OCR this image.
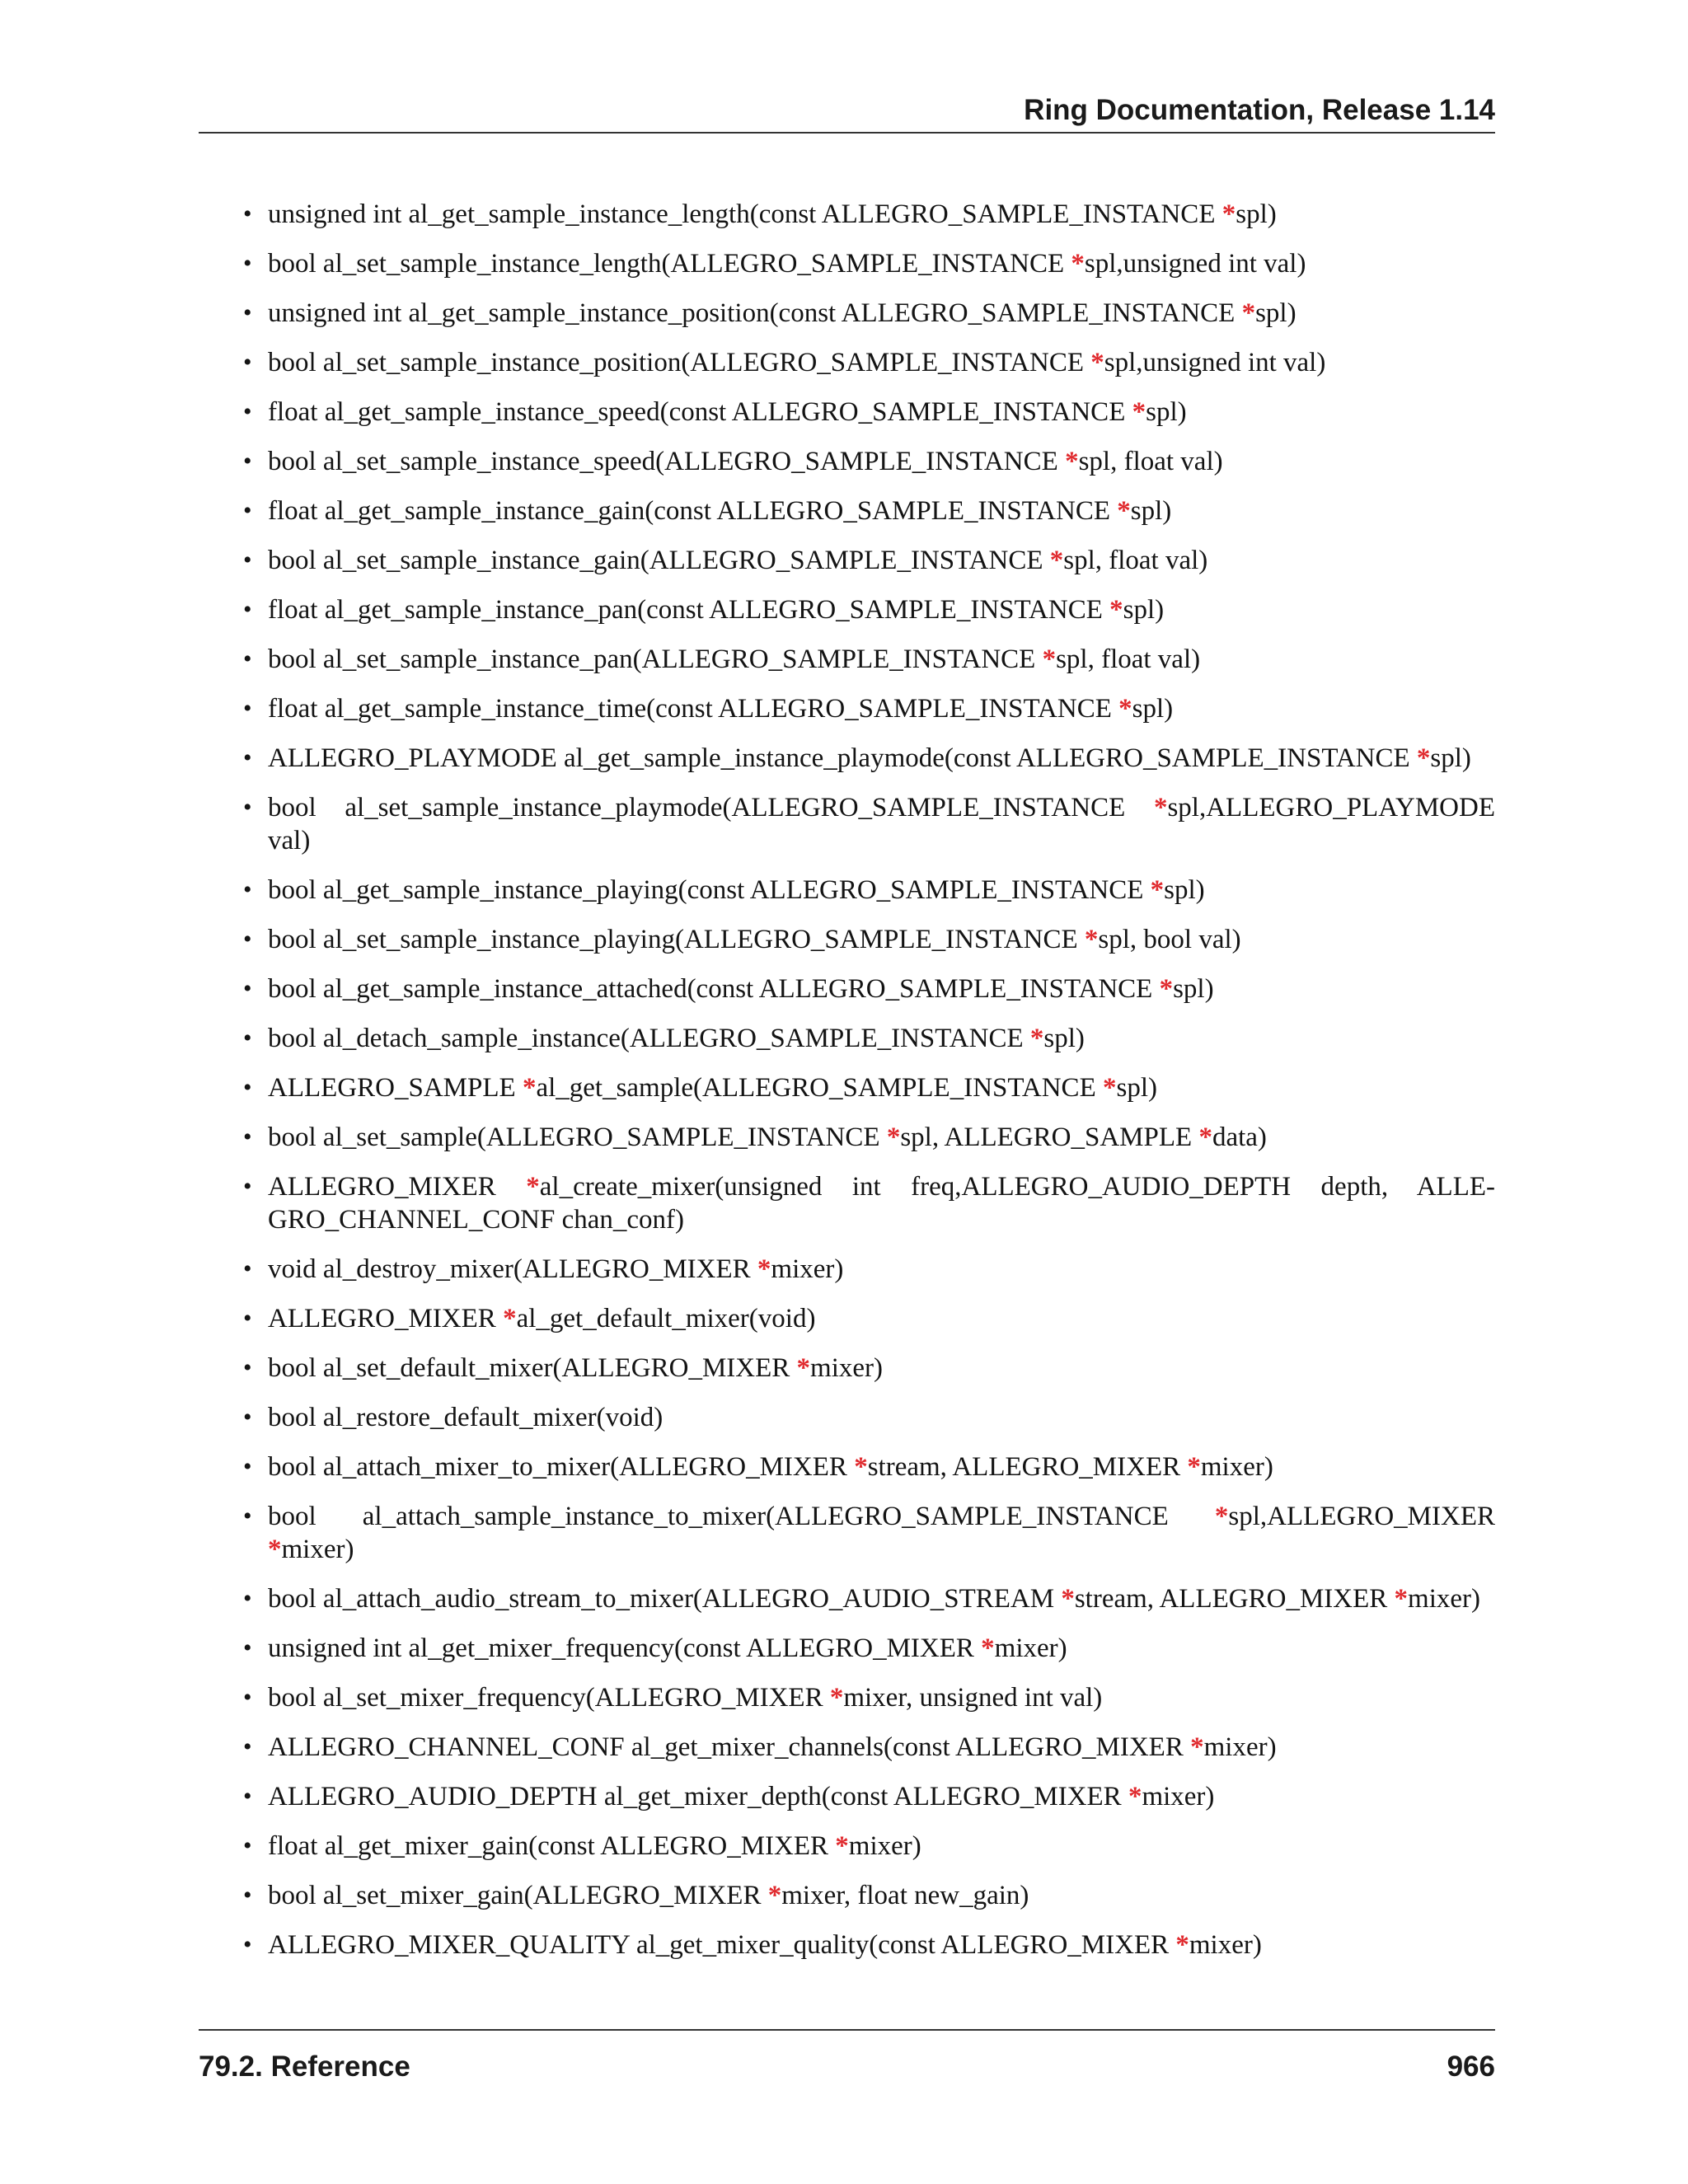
Ring Documentation, Release 1.14
• unsigned int al_get_sample_instance_length(const ALLEGRO_SAMPLE_INSTANCE *spl)
• bool al_set_sample_instance_length(ALLEGRO_SAMPLE_INSTANCE *spl,unsigned int val)
• unsigned int al_get_sample_instance_position(const ALLEGRO_SAMPLE_INSTANCE *spl)
• bool al_set_sample_instance_position(ALLEGRO_SAMPLE_INSTANCE *spl,unsigned int val)
• float al_get_sample_instance_speed(const ALLEGRO_SAMPLE_INSTANCE *spl)
• bool al_set_sample_instance_speed(ALLEGRO_SAMPLE_INSTANCE *spl, float val)
• float al_get_sample_instance_gain(const ALLEGRO_SAMPLE_INSTANCE *spl)
• bool al_set_sample_instance_gain(ALLEGRO_SAMPLE_INSTANCE *spl, float val)
• float al_get_sample_instance_pan(const ALLEGRO_SAMPLE_INSTANCE *spl)
• bool al_set_sample_instance_pan(ALLEGRO_SAMPLE_INSTANCE *spl, float val)
• float al_get_sample_instance_time(const ALLEGRO_SAMPLE_INSTANCE *spl)
• ALLEGRO_PLAYMODE al_get_sample_instance_playmode(const ALLEGRO_SAMPLE_INSTANCE *spl)
• bool al_set_sample_instance_playmode(ALLEGRO_SAMPLE_INSTANCE *spl,ALLEGRO_PLAYMODE val)
• bool al_get_sample_instance_playing(const ALLEGRO_SAMPLE_INSTANCE *spl)
• bool al_set_sample_instance_playing(ALLEGRO_SAMPLE_INSTANCE *spl, bool val)
• bool al_get_sample_instance_attached(const ALLEGRO_SAMPLE_INSTANCE *spl)
• bool al_detach_sample_instance(ALLEGRO_SAMPLE_INSTANCE *spl)
• ALLEGRO_SAMPLE *al_get_sample(ALLEGRO_SAMPLE_INSTANCE *spl)
• bool al_set_sample(ALLEGRO_SAMPLE_INSTANCE *spl, ALLEGRO_SAMPLE *data)
• ALLEGRO_MIXER *al_create_mixer(unsigned int freq,ALLEGRO_AUDIO_DEPTH depth, ALLE-GRO_CHANNEL_CONF chan_conf)
• void al_destroy_mixer(ALLEGRO_MIXER *mixer)
• ALLEGRO_MIXER *al_get_default_mixer(void)
• bool al_set_default_mixer(ALLEGRO_MIXER *mixer)
• bool al_restore_default_mixer(void)
• bool al_attach_mixer_to_mixer(ALLEGRO_MIXER *stream, ALLEGRO_MIXER *mixer)
• bool al_attach_sample_instance_to_mixer(ALLEGRO_SAMPLE_INSTANCE *spl,ALLEGRO_MIXER *mixer)
• bool al_attach_audio_stream_to_mixer(ALLEGRO_AUDIO_STREAM *stream, ALLEGRO_MIXER *mixer)
• unsigned int al_get_mixer_frequency(const ALLEGRO_MIXER *mixer)
• bool al_set_mixer_frequency(ALLEGRO_MIXER *mixer, unsigned int val)
• ALLEGRO_CHANNEL_CONF al_get_mixer_channels(const ALLEGRO_MIXER *mixer)
• ALLEGRO_AUDIO_DEPTH al_get_mixer_depth(const ALLEGRO_MIXER *mixer)
• float al_get_mixer_gain(const ALLEGRO_MIXER *mixer)
• bool al_set_mixer_gain(ALLEGRO_MIXER *mixer, float new_gain)
• ALLEGRO_MIXER_QUALITY al_get_mixer_quality(const ALLEGRO_MIXER *mixer)
79.2. Reference	966
